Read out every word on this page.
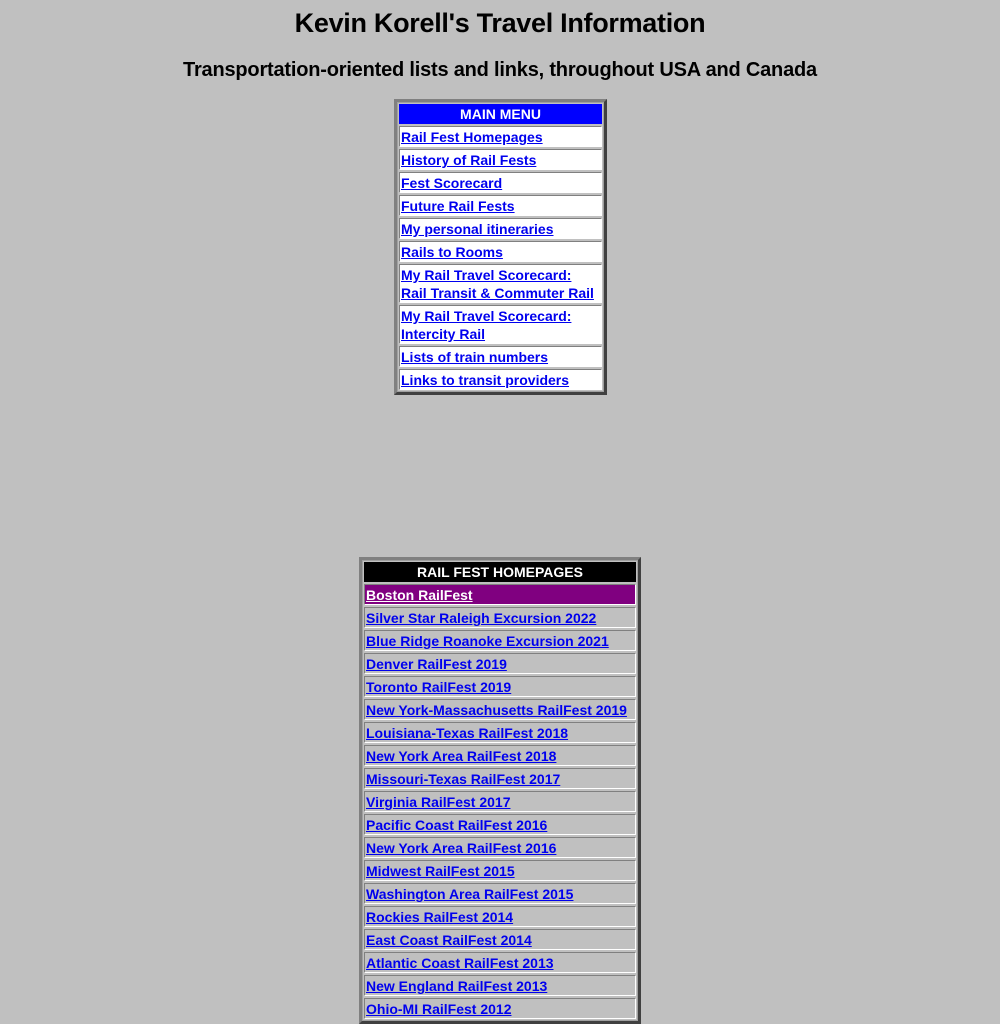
Kevin Korell's Travel Information
Transportation-oriented lists and links, throughout USA and Canada
MAIN MENU
Rail Fest Homepages
History of Rail Fests
Fest Scorecard
Future Rail Fests
My personal itineraries
Rails to Rooms
My Rail Travel Scorecard:
Rail Transit & Commuter Rail
My Rail Travel Scorecard:
Intercity Rail
Lists of train numbers
Links to transit providers
RAIL FEST HOMEPAGES
Boston RailFest
Silver Star Raleigh Excursion 2022
Blue Ridge Roanoke Excursion 2021
Denver RailFest 2019
Toronto RailFest 2019
New York-Massachusetts RailFest 2019
Louisiana-Texas RailFest 2018
New York Area RailFest 2018
Missouri-Texas RailFest 2017
Virginia RailFest 2017
Pacific Coast RailFest 2016
New York Area RailFest 2016
Midwest RailFest 2015
Washington Area RailFest 2015
Rockies RailFest 2014
East Coast RailFest 2014
Atlantic Coast RailFest 2013
New England RailFest 2013
Ohio-MI RailFest 2012
